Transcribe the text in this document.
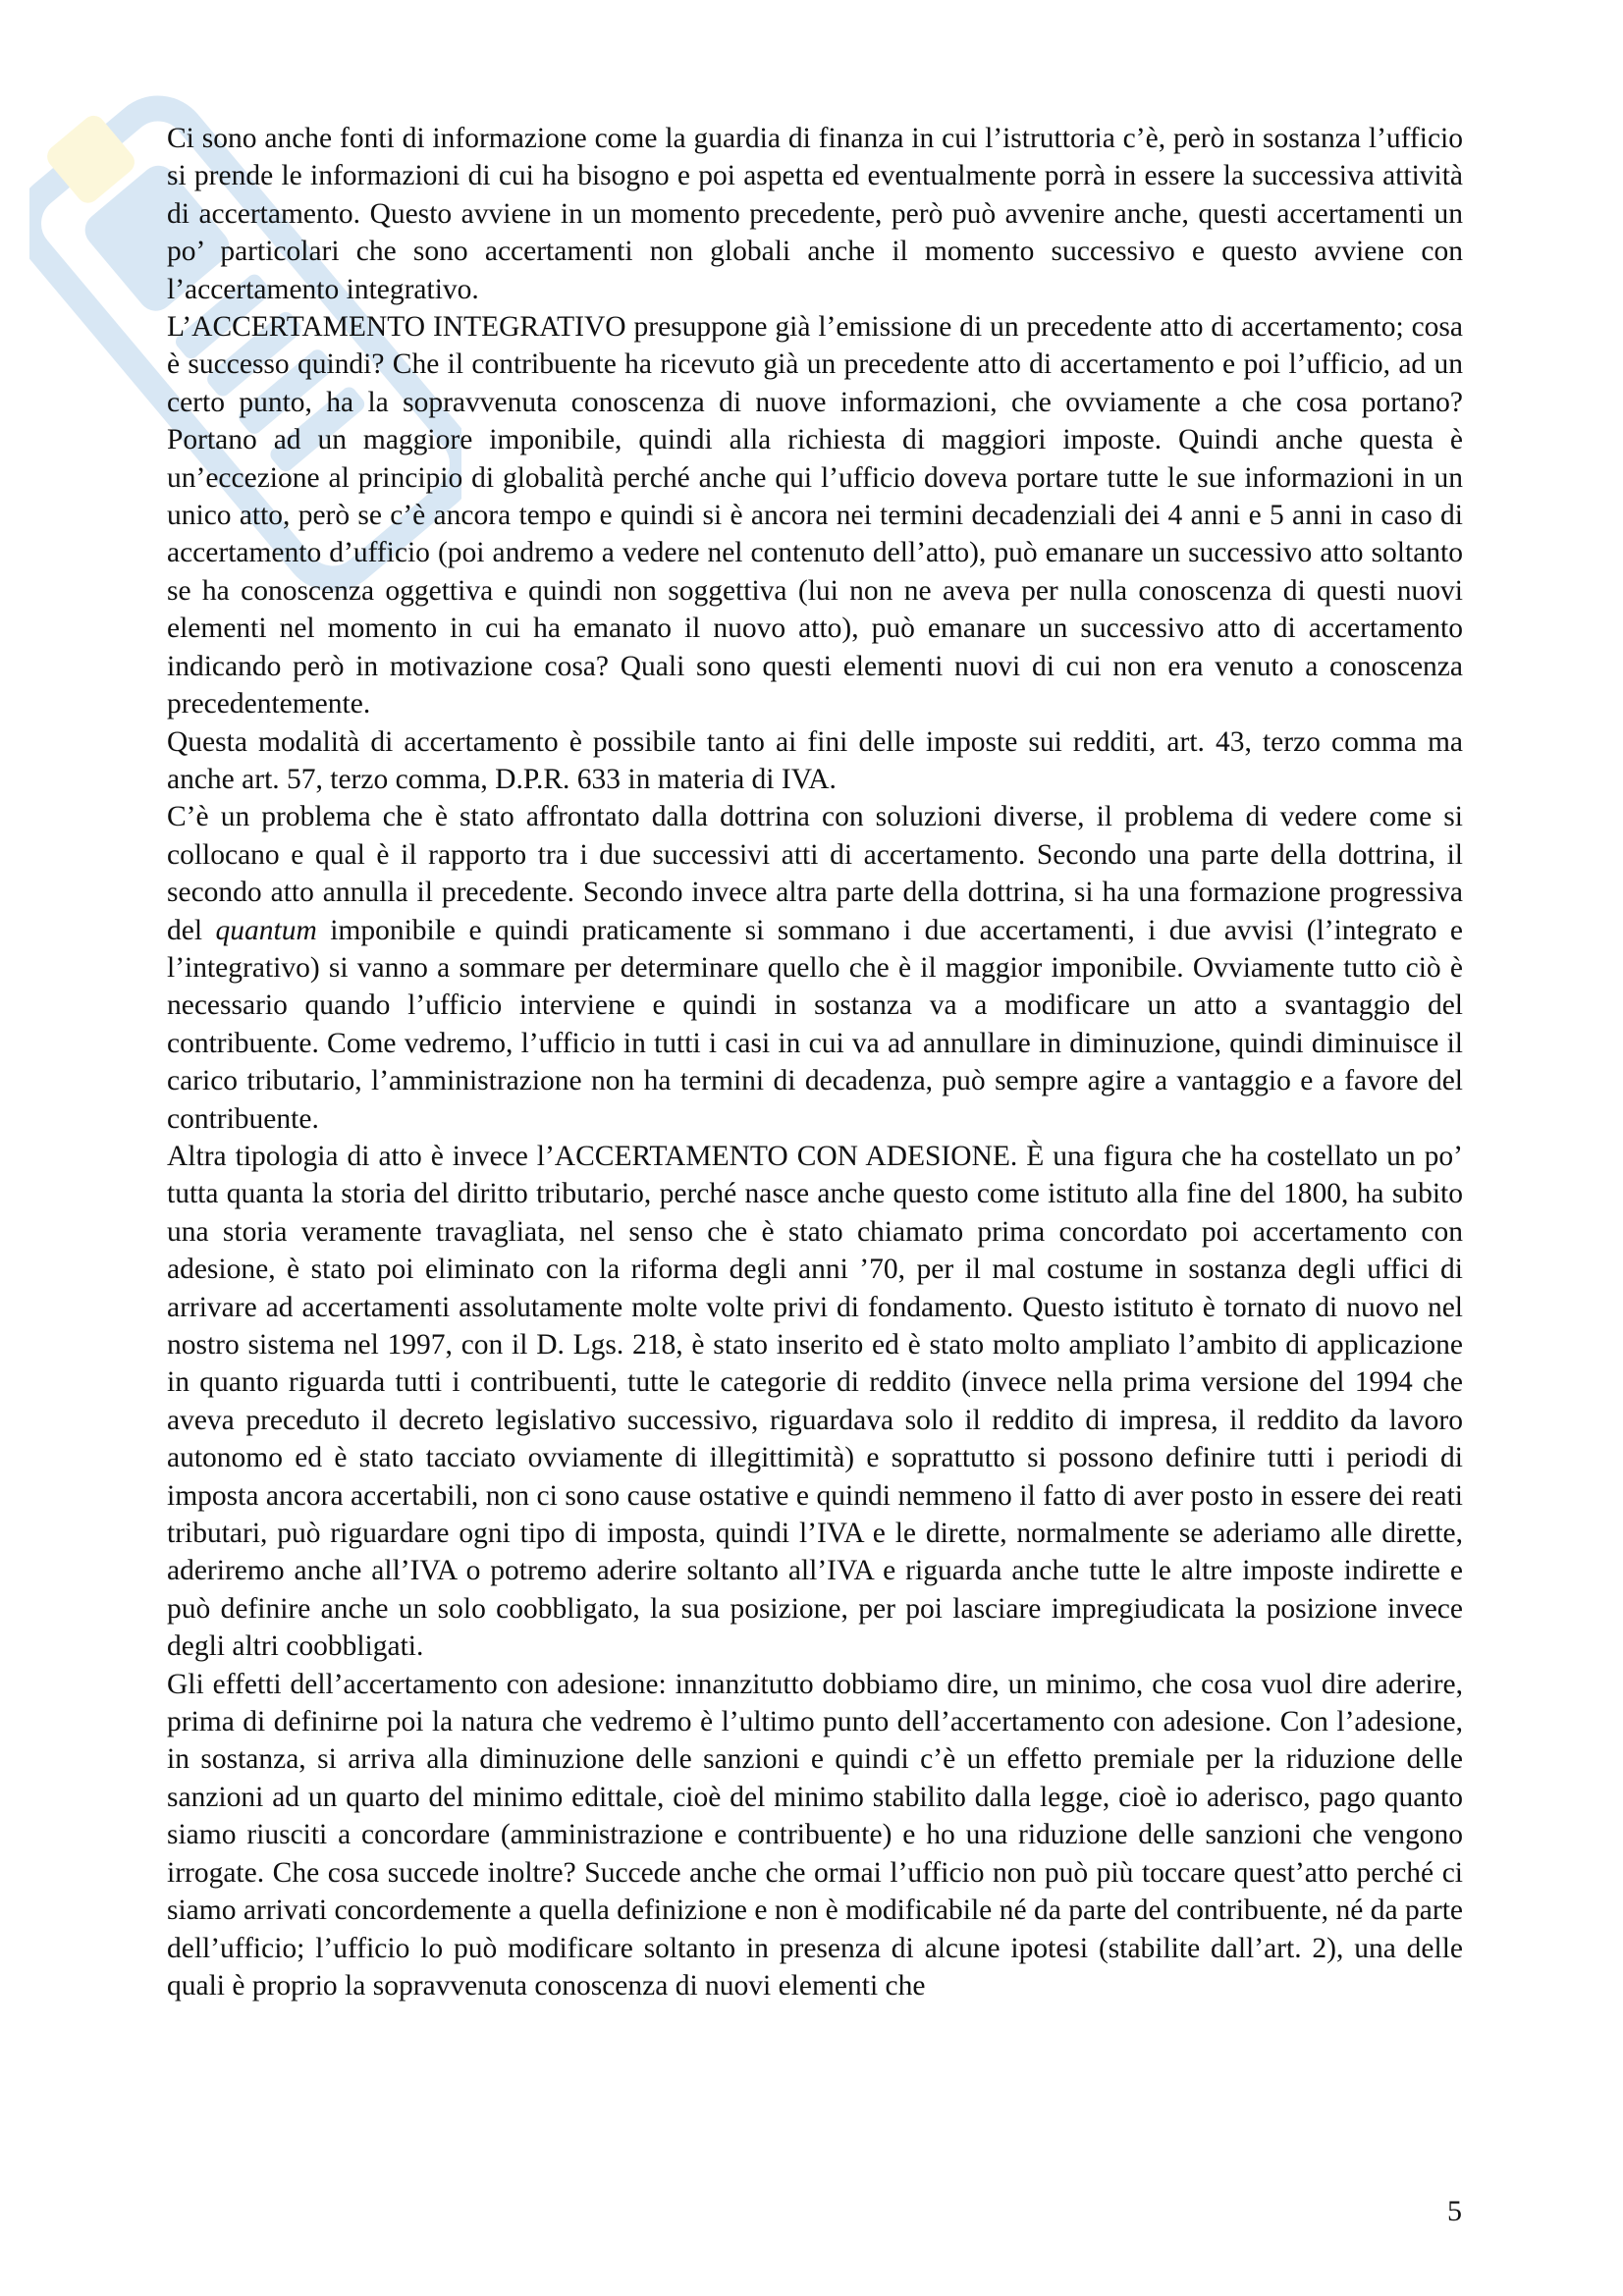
Ci sono anche fonti di informazione come la guardia di finanza in cui l’istruttoria c’è, però in sostanza l’ufficio si prende le informazioni di cui ha bisogno e poi aspetta ed eventualmente porrà in essere la successiva attività di accertamento. Questo avviene in un momento precedente, però può avvenire anche, questi accertamenti un po’ particolari che sono accertamenti non globali anche il momento successivo e questo avviene con l’accertamento integrativo.

L’ACCERTAMENTO INTEGRATIVO presuppone già l’emissione di un precedente atto di accertamento; cosa è successo quindi? Che il contribuente ha ricevuto già un precedente atto di accertamento e poi l’ufficio, ad un certo punto, ha la sopravvenuta conoscenza di nuove informazioni, che ovviamente a che cosa portano? Portano ad un maggiore imponibile, quindi alla richiesta di maggiori imposte. Quindi anche questa è un’eccezione al principio di globalità perché anche qui l’ufficio doveva portare tutte le sue informazioni in un unico atto, però se c’è ancora tempo e quindi si è ancora nei termini decadenziali dei 4 anni e 5 anni in caso di accertamento d’ufficio (poi andremo a vedere nel contenuto dell’atto), può emanare un successivo atto soltanto se ha conoscenza oggettiva e quindi non soggettiva (lui non ne aveva per nulla conoscenza di questi nuovi elementi nel momento in cui ha emanato il nuovo atto), può emanare un successivo atto di accertamento indicando però in motivazione cosa? Quali sono questi elementi nuovi di cui non era venuto a conoscenza precedentemente.

Questa modalità di accertamento è possibile tanto ai fini delle imposte sui redditi, art. 43, terzo comma ma anche art. 57, terzo comma, D.P.R. 633 in materia di IVA.

C’è un problema che è stato affrontato dalla dottrina con soluzioni diverse, il problema di vedere come si collocano e qual è il rapporto tra i due successivi atti di accertamento. Secondo una parte della dottrina, il secondo atto annulla il precedente. Secondo invece altra parte della dottrina, si ha una formazione progressiva del quantum imponibile e quindi praticamente si sommano i due accertamenti, i due avvisi (l’integrato e l’integrativo) si vanno a sommare per determinare quello che è il maggior imponibile. Ovviamente tutto ciò è necessario quando l’ufficio interviene e quindi in sostanza va a modificare un atto a svantaggio del contribuente. Come vedremo, l’ufficio in tutti i casi in cui va ad annullare in diminuzione, quindi diminuisce il carico tributario, l’amministrazione non ha termini di decadenza, può sempre agire a vantaggio e a favore del contribuente.

Altra tipologia di atto è invece l’ACCERTAMENTO CON ADESIONE. È una figura che ha costellato un po’ tutta quanta la storia del diritto tributario, perché nasce anche questo come istituto alla fine del 1800, ha subito una storia veramente travagliata, nel senso che è stato chiamato prima concordato poi accertamento con adesione, è stato poi eliminato con la riforma degli anni ’70, per il mal costume in sostanza degli uffici di arrivare ad accertamenti assolutamente molte volte privi di fondamento. Questo istituto è tornato di nuovo nel nostro sistema nel 1997, con il D. Lgs. 218, è stato inserito ed è stato molto ampliato l’ambito di applicazione in quanto riguarda tutti i contribuenti, tutte le categorie di reddito (invece nella prima versione del 1994 che aveva preceduto il decreto legislativo successivo, riguardava solo il reddito di impresa, il reddito da lavoro autonomo ed è stato tacciato ovviamente di illegittimità) e soprattutto si possono definire tutti i periodi di imposta ancora accertabili, non ci sono cause ostative e quindi nemmeno il fatto di aver posto in essere dei reati tributari, può riguardare ogni tipo di imposta, quindi l’IVA e le dirette, normalmente se aderiamo alle dirette, aderiremo anche all’IVA o potremo aderire soltanto all’IVA e riguarda anche tutte le altre imposte indirette e può definire anche un solo coobbligato, la sua posizione, per poi lasciare impregiudicata la posizione invece degli altri coobbligati.

Gli effetti dell’accertamento con adesione: innanzitutto dobbiamo dire, un minimo, che cosa vuol dire aderire, prima di definirne poi la natura che vedremo è l’ultimo punto dell’accertamento con adesione. Con l’adesione, in sostanza, si arriva alla diminuzione delle sanzioni e quindi c’è un effetto premiale per la riduzione delle sanzioni ad un quarto del minimo edittale, cioè del minimo stabilito dalla legge, cioè io aderisco, pago quanto siamo riusciti a concordare (amministrazione e contribuente) e ho una riduzione delle sanzioni che vengono irrogate. Che cosa succede inoltre? Succede anche che ormai l’ufficio non può più toccare quest’atto perché ci siamo arrivati concordemente a quella definizione e non è modificabile né da parte del contribuente, né da parte dell’ufficio; l’ufficio lo può modificare soltanto in presenza di alcune ipotesi (stabilite dall’art. 2), una delle quali è proprio la sopravvenuta conoscenza di nuovi elementi che

5
